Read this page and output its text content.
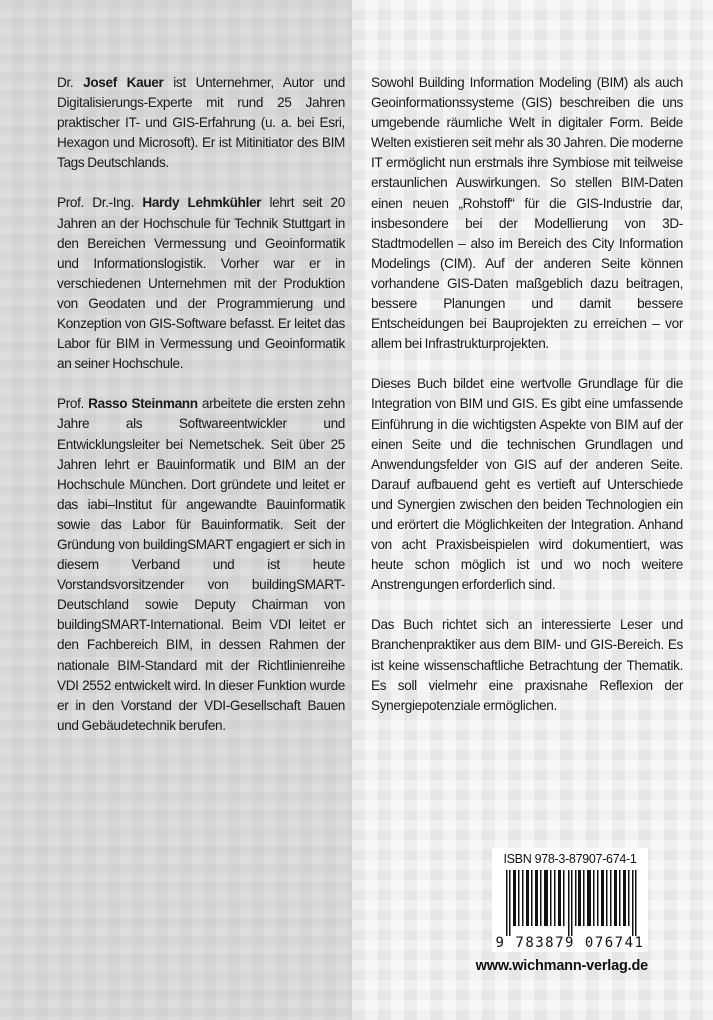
Dr. Josef Kauer ist Unternehmer, Autor und Digitalisierungs-Experte mit rund 25 Jahren praktischer IT- und GIS-Erfahrung (u. a. bei Esri, Hexagon und Microsoft). Er ist Mitinitiator des BIM Tags Deutschlands.

Prof. Dr.-Ing. Hardy Lehmkühler lehrt seit 20 Jahren an der Hochschule für Technik Stuttgart in den Bereichen Vermessung und Geoinformatik und Informationslogistik. Vorher war er in verschiedenen Unternehmen mit der Produktion von Geodaten und der Programmierung und Konzeption von GIS-Software befasst. Er leitet das Labor für BIM in Vermessung und Geoinformatik an seiner Hochschule.

Prof. Rasso Steinmann arbeitete die ersten zehn Jahre als Softwareentwickler und Entwicklungsleiter bei Nemetschek. Seit über 25 Jahren lehrt er Bauinformatik und BIM an der Hochschule München. Dort gründete und leitet er das iabi–Institut für angewandte Bauinformatik sowie das Labor für Bauinformatik. Seit der Gründung von buildingSMART engagiert er sich in diesem Verband und ist heute Vorstandsvorsitzender von buildingSMART-Deutschland sowie Deputy Chairman von buildingSMART-International. Beim VDI leitet er den Fachbereich BIM, in dessen Rahmen der nationale BIM-Standard mit der Richtlinienreihe VDI 2552 entwickelt wird. In dieser Funktion wurde er in den Vorstand der VDI-Gesellschaft Bauen und Gebäudetechnik berufen.

Sowohl Building Information Modeling (BIM) als auch Geoinformationssysteme (GIS) beschreiben die uns umgebende räumliche Welt in digitaler Form. Beide Welten existieren seit mehr als 30 Jahren. Die moderne IT ermöglicht nun erstmals ihre Symbiose mit teilweise erstaunlichen Auswirkungen. So stellen BIM-Daten einen neuen „Rohstoff“ für die GIS-Industrie dar, insbesondere bei der Modellierung von 3D-Stadtmodellen – also im Bereich des City Information Modelings (CIM). Auf der anderen Seite können vorhandene GIS-Daten maßgeblich dazu beitragen, bessere Planungen und damit bessere Entscheidungen bei Bauprojekten zu erreichen – vor allem bei Infrastrukturprojekten.

Dieses Buch bildet eine wertvolle Grundlage für die Integration von BIM und GIS. Es gibt eine umfassende Einführung in die wichtigsten Aspekte von BIM auf der einen Seite und die technischen Grundlagen und Anwendungsfelder von GIS auf der anderen Seite. Darauf aufbauend geht es vertieft auf Unterschiede und Synergien zwischen den beiden Technologien ein und erörtert die Möglichkeiten der Integration. Anhand von acht Praxisbeispielen wird dokumentiert, was heute schon möglich ist und wo noch weitere Anstrengungen erforderlich sind.

Das Buch richtet sich an interessierte Leser und Branchenpraktiker aus dem BIM- und GIS-Bereich. Es ist keine wissenschaftliche Betrachtung der Thematik. Es soll vielmehr eine praxisnahe Reflexion der Synergiepotenziale ermöglichen.

ISBN 978-3-87907-674-1
9 783879 076741
www.wichmann-verlag.de
